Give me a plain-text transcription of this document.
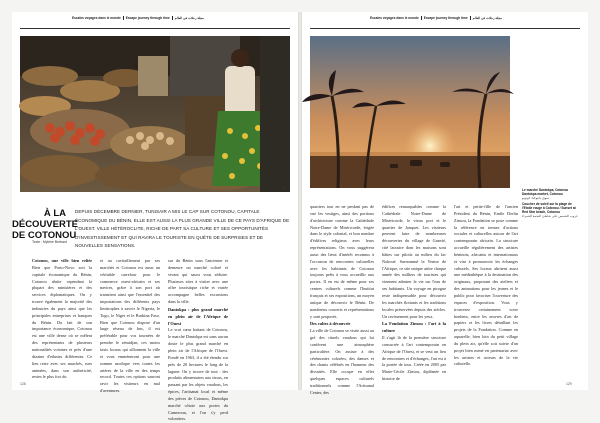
Escales voyages dans le monde Escape journey through time مجلة رحلات في العالم
©
À LA
DÉCOUVERTE
DE COTONOU
Texte : Mylène Bertrant
DEPUIS DÉCEMBRE DERNIER, TUNISAIR A MIS LE CAP SUR COTONOU, CAPITALE ÉCONOMIQUE DU BÉNIN, ELLE EST AUSSI LA PLUS GRANDE VILLE DE CE PAYS D'AFRIQUE DE L'OUEST. VILLE HÉTÉROCLITE, RICHE DE PART SA CULTURE ET SES OPPORTUNITÉS D'INVESTISSEMENT ET QUI RAVIRA LE TOURISTE EN QUÊTE DE SURPRISES ET DE NOUVELLES SENSATIONS.

Cotonou, une ville bien reliée Bien que Porto-Novo soit la capitale économique du Bénin, Cotonou abrite cependant la plupart des ministères et des services diplomatiques. On y trouve également la majorité des industries du pays ainsi que les principales entreprises et banques du Bénin. Du fait de son importance économique, Cotonou est une ville dense où se mêlent des représentants de plusieurs nationalités voisines et près d'une dizaine d'ethnies différentes. Ce lieu reste avec ses marchés, rues animées, dans son autheticité, restes le plus fort du

et au ravitaillement par ses marchés et Cotonou est aussi un véritable carrefour pour le commerce ouest-africain et ses navires, grâce à son port où transitent ainsi que l'essentiel des importations des différents pays limitrophes à savoir le Nigeria, le Togo, le Niger et le Burkina Faso. Bien que Cotonou dispose d'un large réseau de bus, il est préférable pour vos tournées de prendre le zémidjan, ces motos taxis locaux qui sillonnent la ville et vous emmèneront pour une somme modique vers toutes les artères de la ville en des temps record. Toutes ces options sauront ravir les visiteurs en mal d'aventures.

sur du Bénin sous l'ancienne et demeure un marché coloré et vivant qui saura vous séduire. Plusieurs sites à visiter avec une offre touristique riche et variée accompagne belles excursions dans la ville.

Dantokpa : plus grand marché en plein air de l'Afrique de l'Ouest

Le vrai cœur battant de Cotonou, le marché Dantokpa est sans aucun doute le plus grand marché en plein air de l'Afrique de l'Ouest. Fondé en 1963, il a été étendu sur près de 20 hectares le long de la lagune. On y trouve de tout : des produits alimentaires aux tissus, en passant par les objets vaudous, les épices, l'artisanat local et même des pièces de Cotonou, Dantokpa marché côtoie aux portes du Cameroun, et l'on s'y perd volontiers.

128
Escales voyages dans le monde Escape journey through time مجلة رحلات في العالم
©
Le marché Dantokpa, Cotonou
Dantokpa market, Cotonou
سوق دانتوكبا، كوتونو
Coucher de soleil sur la plage de l'Etoile rouge à Cotonou / Sunset at Red Star beach, Cotonou
غروب الشمس على شاطئ النجمة الحمراء

quartiers tout en ne perdant pas de vue les vestiges, ainsi des portions d'architecture comme la Cathédrale Notre-Dame de Miséricorde, érigée dans le style colonial, et bon nombre d'édifices religieux avec leurs représentations. On vous suggérera aussi des lieux d'intérêt reconnus à l'occasion de rencontres culturelles avec les habitants de Cotonou toujours prêts à vous accueillir aux portes. Il en est de même pour ses centres culturels comme l'Institut français et ses expositions, un moyen unique de découvrir le Bénin. De nombreux concerts et représentations y sont proposés.

Des cultes à découvrir

La ville de Cotonou se visite aussi au gré des rituels vaudous qui lui confèrent une atmosphère particulière. On assiste à des cérémonies colorées, des danses et des chants célébrés en l'honneur des divinités. Elle occupe en effet quelques espaces culturels traditionnels comme l'Artisanal Center, des

édifices remarquables comme la Cathédrale Notre-Dame de Miséricorde, le vieux port et le quartier de Jonquet. Les visiteurs peuvent faire de nombreuses découvertes du village de Ganvié, cité lacustre dont les maisons sont bâties sur pilotis au milieu du lac Nokoué. Surnommé la Venise de l'Afrique, ce site unique attire chaque année des milliers de touristes qui viennent admirer la vie sur l'eau de ses habitants. Un voyage en pirogue reste indispensable pour découvrir les marchés flottants et les traditions locales préservées depuis des siècles. Un ravissement pour les yeux.

La Fondation Zinsou : l'art à la culture

Il s'agit là de la première structure consacrée à l'art contemporain en Afrique de l'Ouest, et se veut un lieu de rencontres et d'échanges, l'art est à la portée de tous. Créée en 2005 par Marie-Cécile Zinsou, diplômée en histoire de

l'art et petite-fille de l'ancien Président du Bénin, Emile Derlin Zinsou, la Fondation se pose comme la référence en termes d'actions sociales et culturelles autour de l'art contemporain africain. La structure accueille régulièrement des artistes béninois, africains et internationaux et vise à promouvoir les échanges culturels. Ses locaux abritent aussi une médiathèque à la destination des originaux, proposant des ateliers et des animations pour les jeunes et le public pour favoriser l'ouverture des espaces d'exposition. Vous y trouverez certainement votre bonheur, entre les œuvres d'art de papiers et les livres détaillant les projets de la Fondation. Comme en aquarelle, bien loin du petit village du plein air, qu'elle soit suivie d'un projet bien mené en partenariat avec les artistes et acteurs de la vie culturelle.

129
